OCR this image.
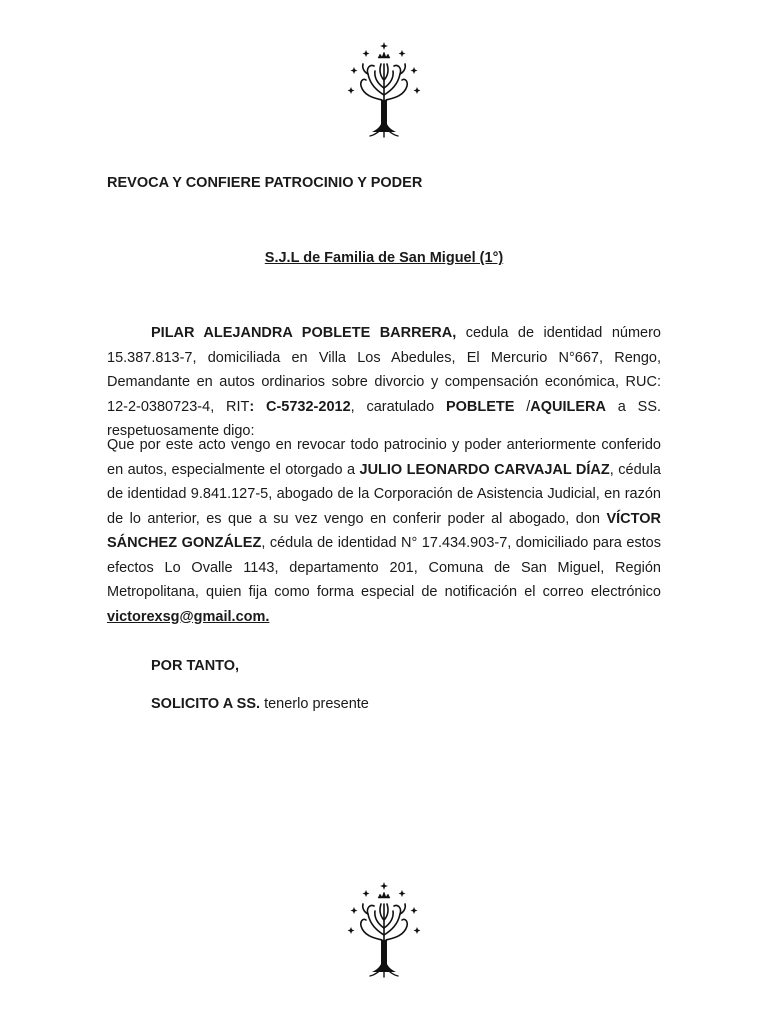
REVOCA Y CONFIERE PATROCINIO Y PODER
S.J.L de Familia de San Miguel (1°)
PILAR ALEJANDRA POBLETE BARRERA, cedula de identidad número 15.387.813-7, domiciliada en Villa Los Abedules, El Mercurio N°667, Rengo, Demandante en autos ordinarios sobre divorcio y compensación económica, RUC: 12-2-0380723-4, RIT: C-5732-2012, caratulado POBLETE /AQUILERA a SS. respetuosamente digo:
Que por este acto vengo en revocar todo patrocinio y poder anteriormente conferido en autos, especialmente el otorgado a JULIO LEONARDO CARVAJAL DÍAZ, cédula de identidad 9.841.127-5, abogado de la Corporación de Asistencia Judicial, en razón de lo anterior, es que a su vez vengo en conferir poder al abogado, don VÍCTOR SÁNCHEZ GONZÁLEZ, cédula de identidad N° 17.434.903-7, domiciliado para estos efectos Lo Ovalle 1143, departamento 201, Comuna de San Miguel, Región Metropolitana, quien fija como forma especial de notificación el correo electrónico victorexsg@gmail.com.
POR TANTO,
SOLICITO A SS. tenerlo presente
